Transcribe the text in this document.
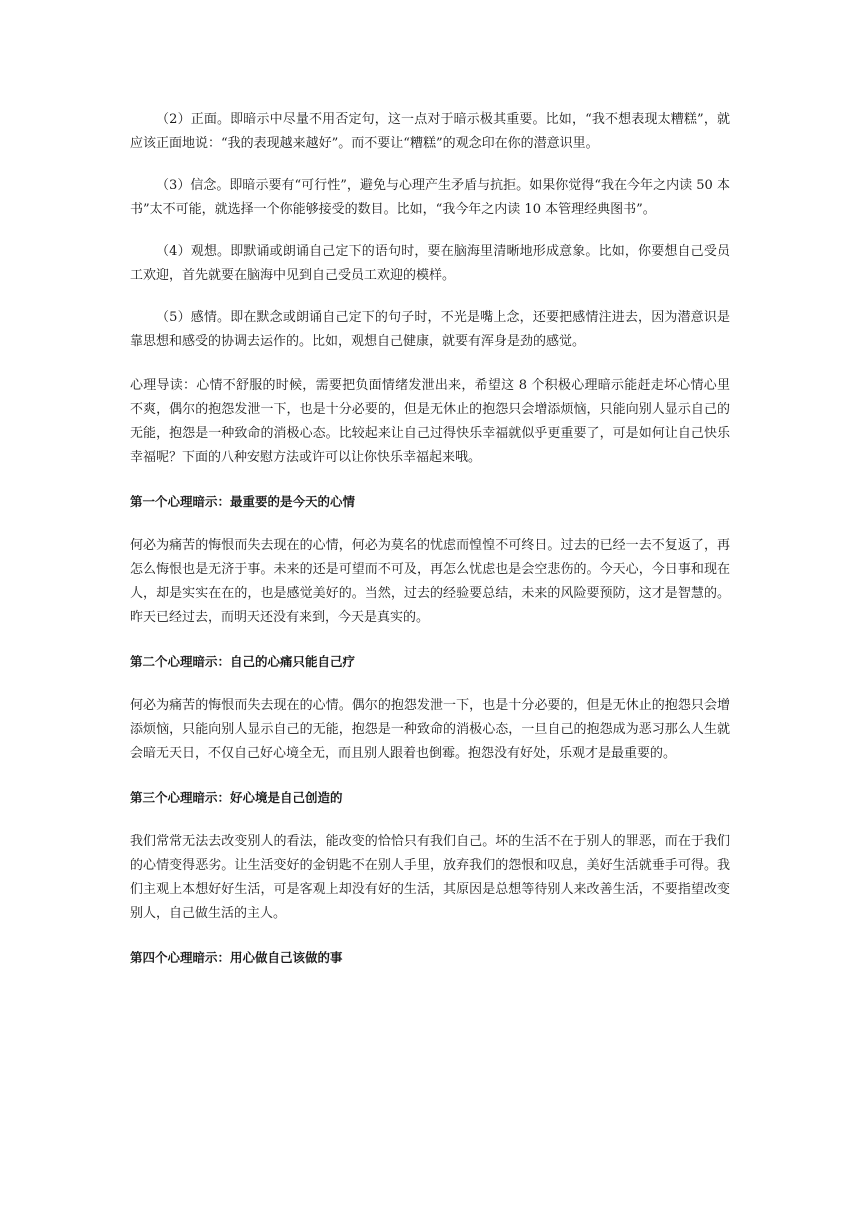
（2）正面。即暗示中尽量不用否定句，这一点对于暗示极其重要。比如，“我不想表现太糟糕”，就应该正面地说：“我的表现越来越好”。而不要让“糟糕”的观念印在你的潜意识里。

（3）信念。即暗示要有“可行性”，避免与心理产生矛盾与抗拒。如果你觉得“我在今年之内读 50 本书”太不可能，就选择一个你能够接受的数目。比如，“我今年之内读 10 本管理经典图书”。

（4）观想。即默诵或朗诵自己定下的语句时，要在脑海里清晰地形成意象。比如，你要想自己受员工欢迎，首先就要在脑海中见到自己受员工欢迎的模样。

（5）感情。即在默念或朗诵自己定下的句子时，不光是嘴上念，还要把感情注进去，因为潜意识是靠思想和感受的协调去运作的。比如，观想自己健康，就要有浑身是劲的感觉。

心理导读：心情不舒服的时候，需要把负面情绪发泄出来，希望这 8 个积极心理暗示能赶走坏心情心里不爽，偶尔的抱怨发泄一下，也是十分必要的，但是无休止的抱怨只会增添烦恼，只能向别人显示自己的无能，抱怨是一种致命的消极心态。比较起来让自己过得快乐幸福就似乎更重要了，可是如何让自己快乐幸福呢？下面的八种安慰方法或许可以让你快乐幸福起来哦。

第一个心理暗示：最重要的是今天的心情

何必为痛苦的悔恨而失去现在的心情，何必为莫名的忧虑而惶惶不可终日。过去的已经一去不复返了，再怎么悔恨也是无济于事。未来的还是可望而不可及，再怎么忧虑也是会空悲伤的。今天心，今日事和现在人，却是实实在在的，也是感觉美好的。当然，过去的经验要总结，未来的风险要预防，这才是智慧的。昨天已经过去，而明天还没有来到，今天是真实的。

第二个心理暗示：自己的心痛只能自己疗

何必为痛苦的悔恨而失去现在的心情。偶尔的抱怨发泄一下，也是十分必要的，但是无休止的抱怨只会增添烦恼，只能向别人显示自己的无能，抱怨是一种致命的消极心态，一旦自己的抱怨成为恶习那么人生就会暗无天日，不仅自己好心境全无，而且别人跟着也倒霉。抱怨没有好处，乐观才是最重要的。

第三个心理暗示：好心境是自己创造的

我们常常无法去改变别人的看法，能改变的恰恰只有我们自己。坏的生活不在于别人的罪恶，而在于我们的心情变得恶劣。让生活变好的金钥匙不在别人手里，放弃我们的怨恨和叹息，美好生活就垂手可得。我们主观上本想好好生活，可是客观上却没有好的生活，其原因是总想等待别人来改善生活，不要指望改变别人，自己做生活的主人。

第四个心理暗示：用心做自己该做的事
